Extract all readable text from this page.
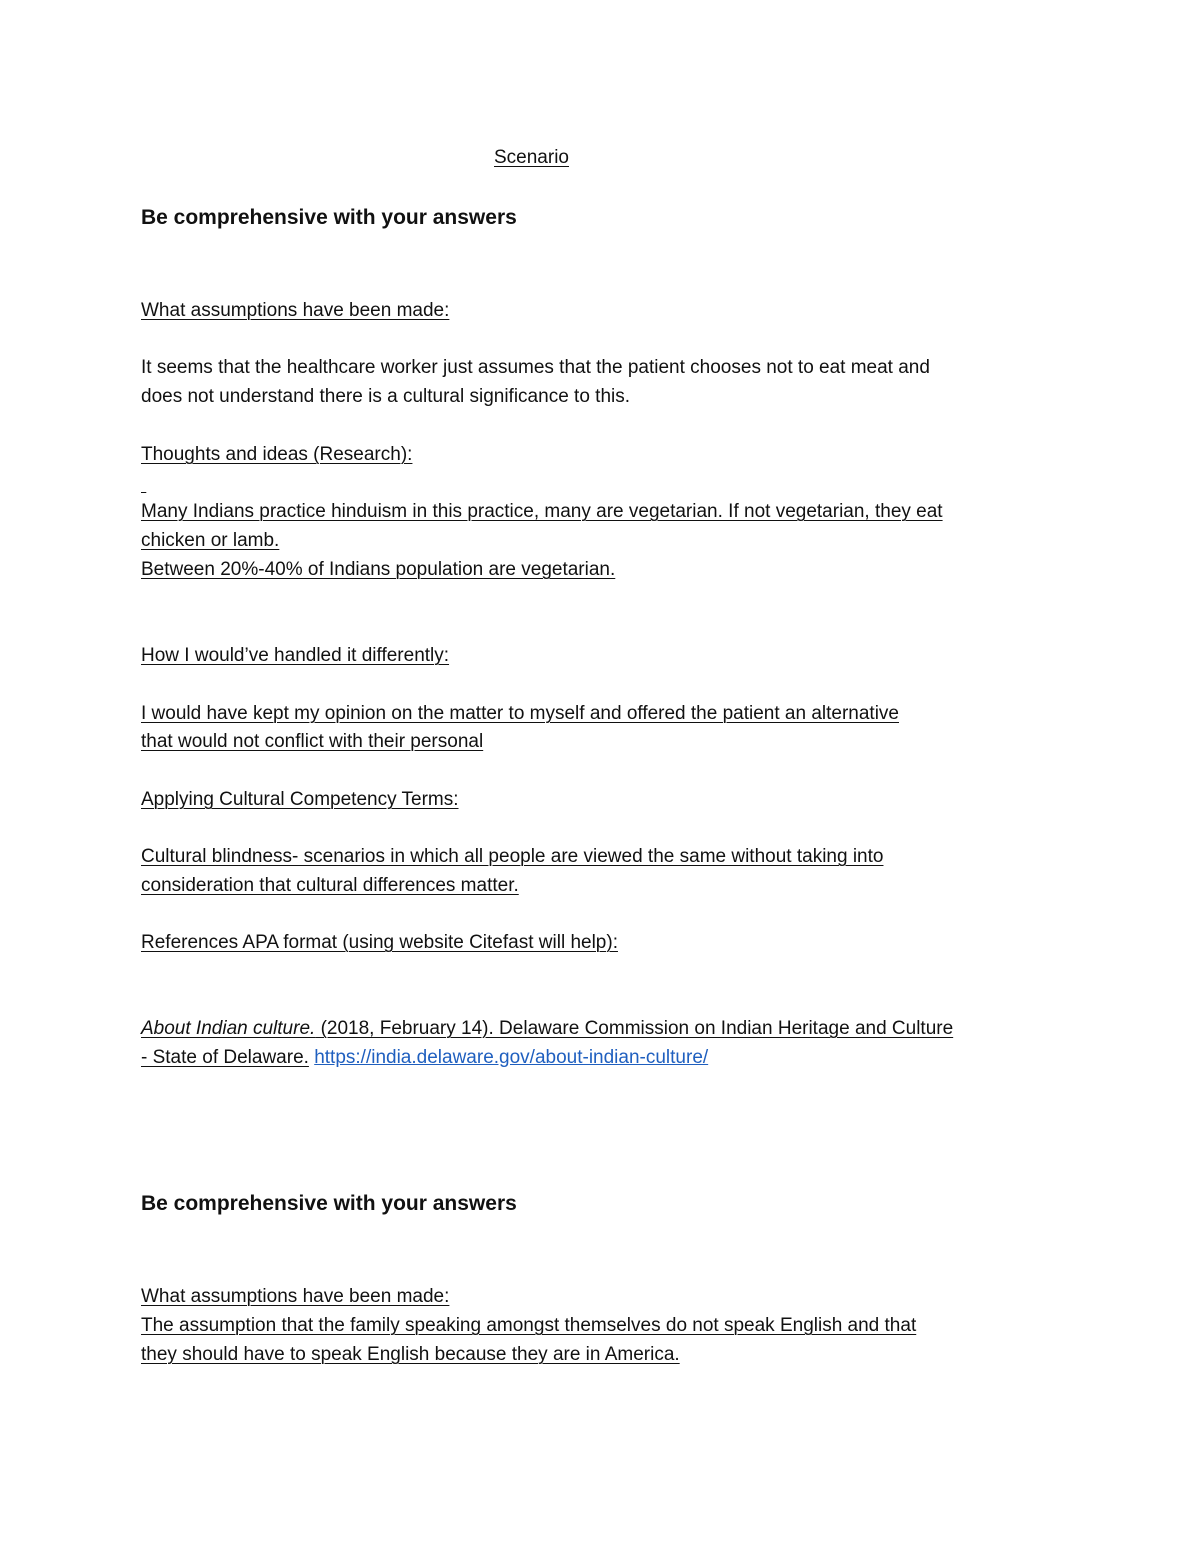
Scenario
Be comprehensive with your answers
What assumptions have been made:
It seems that the healthcare worker just assumes that the patient chooses not to eat meat and
does not understand there is a cultural significance to this.
Thoughts and ideas (Research):

Many Indians practice hinduism in this practice, many are vegetarian. If not vegetarian, they eat
chicken or lamb.
Between 20%-40% of Indians population are vegetarian.
How I would’ve handled it differently:
I would have kept my opinion on the matter to myself and offered the patient an alternative
that would not conflict with their personal
Applying Cultural Competency Terms:
Cultural blindness- scenarios in which all people are viewed the same without taking into
consideration that cultural differences matter.
References APA format (using website Citefast will help):
About Indian culture. (2018, February 14). Delaware Commission on Indian Heritage and Culture
- State of Delaware. https://india.delaware.gov/about-indian-culture/
Be comprehensive with your answers
What assumptions have been made:
The assumption that the family speaking amongst themselves do not speak English and that
they should have to speak English because they are in America.
